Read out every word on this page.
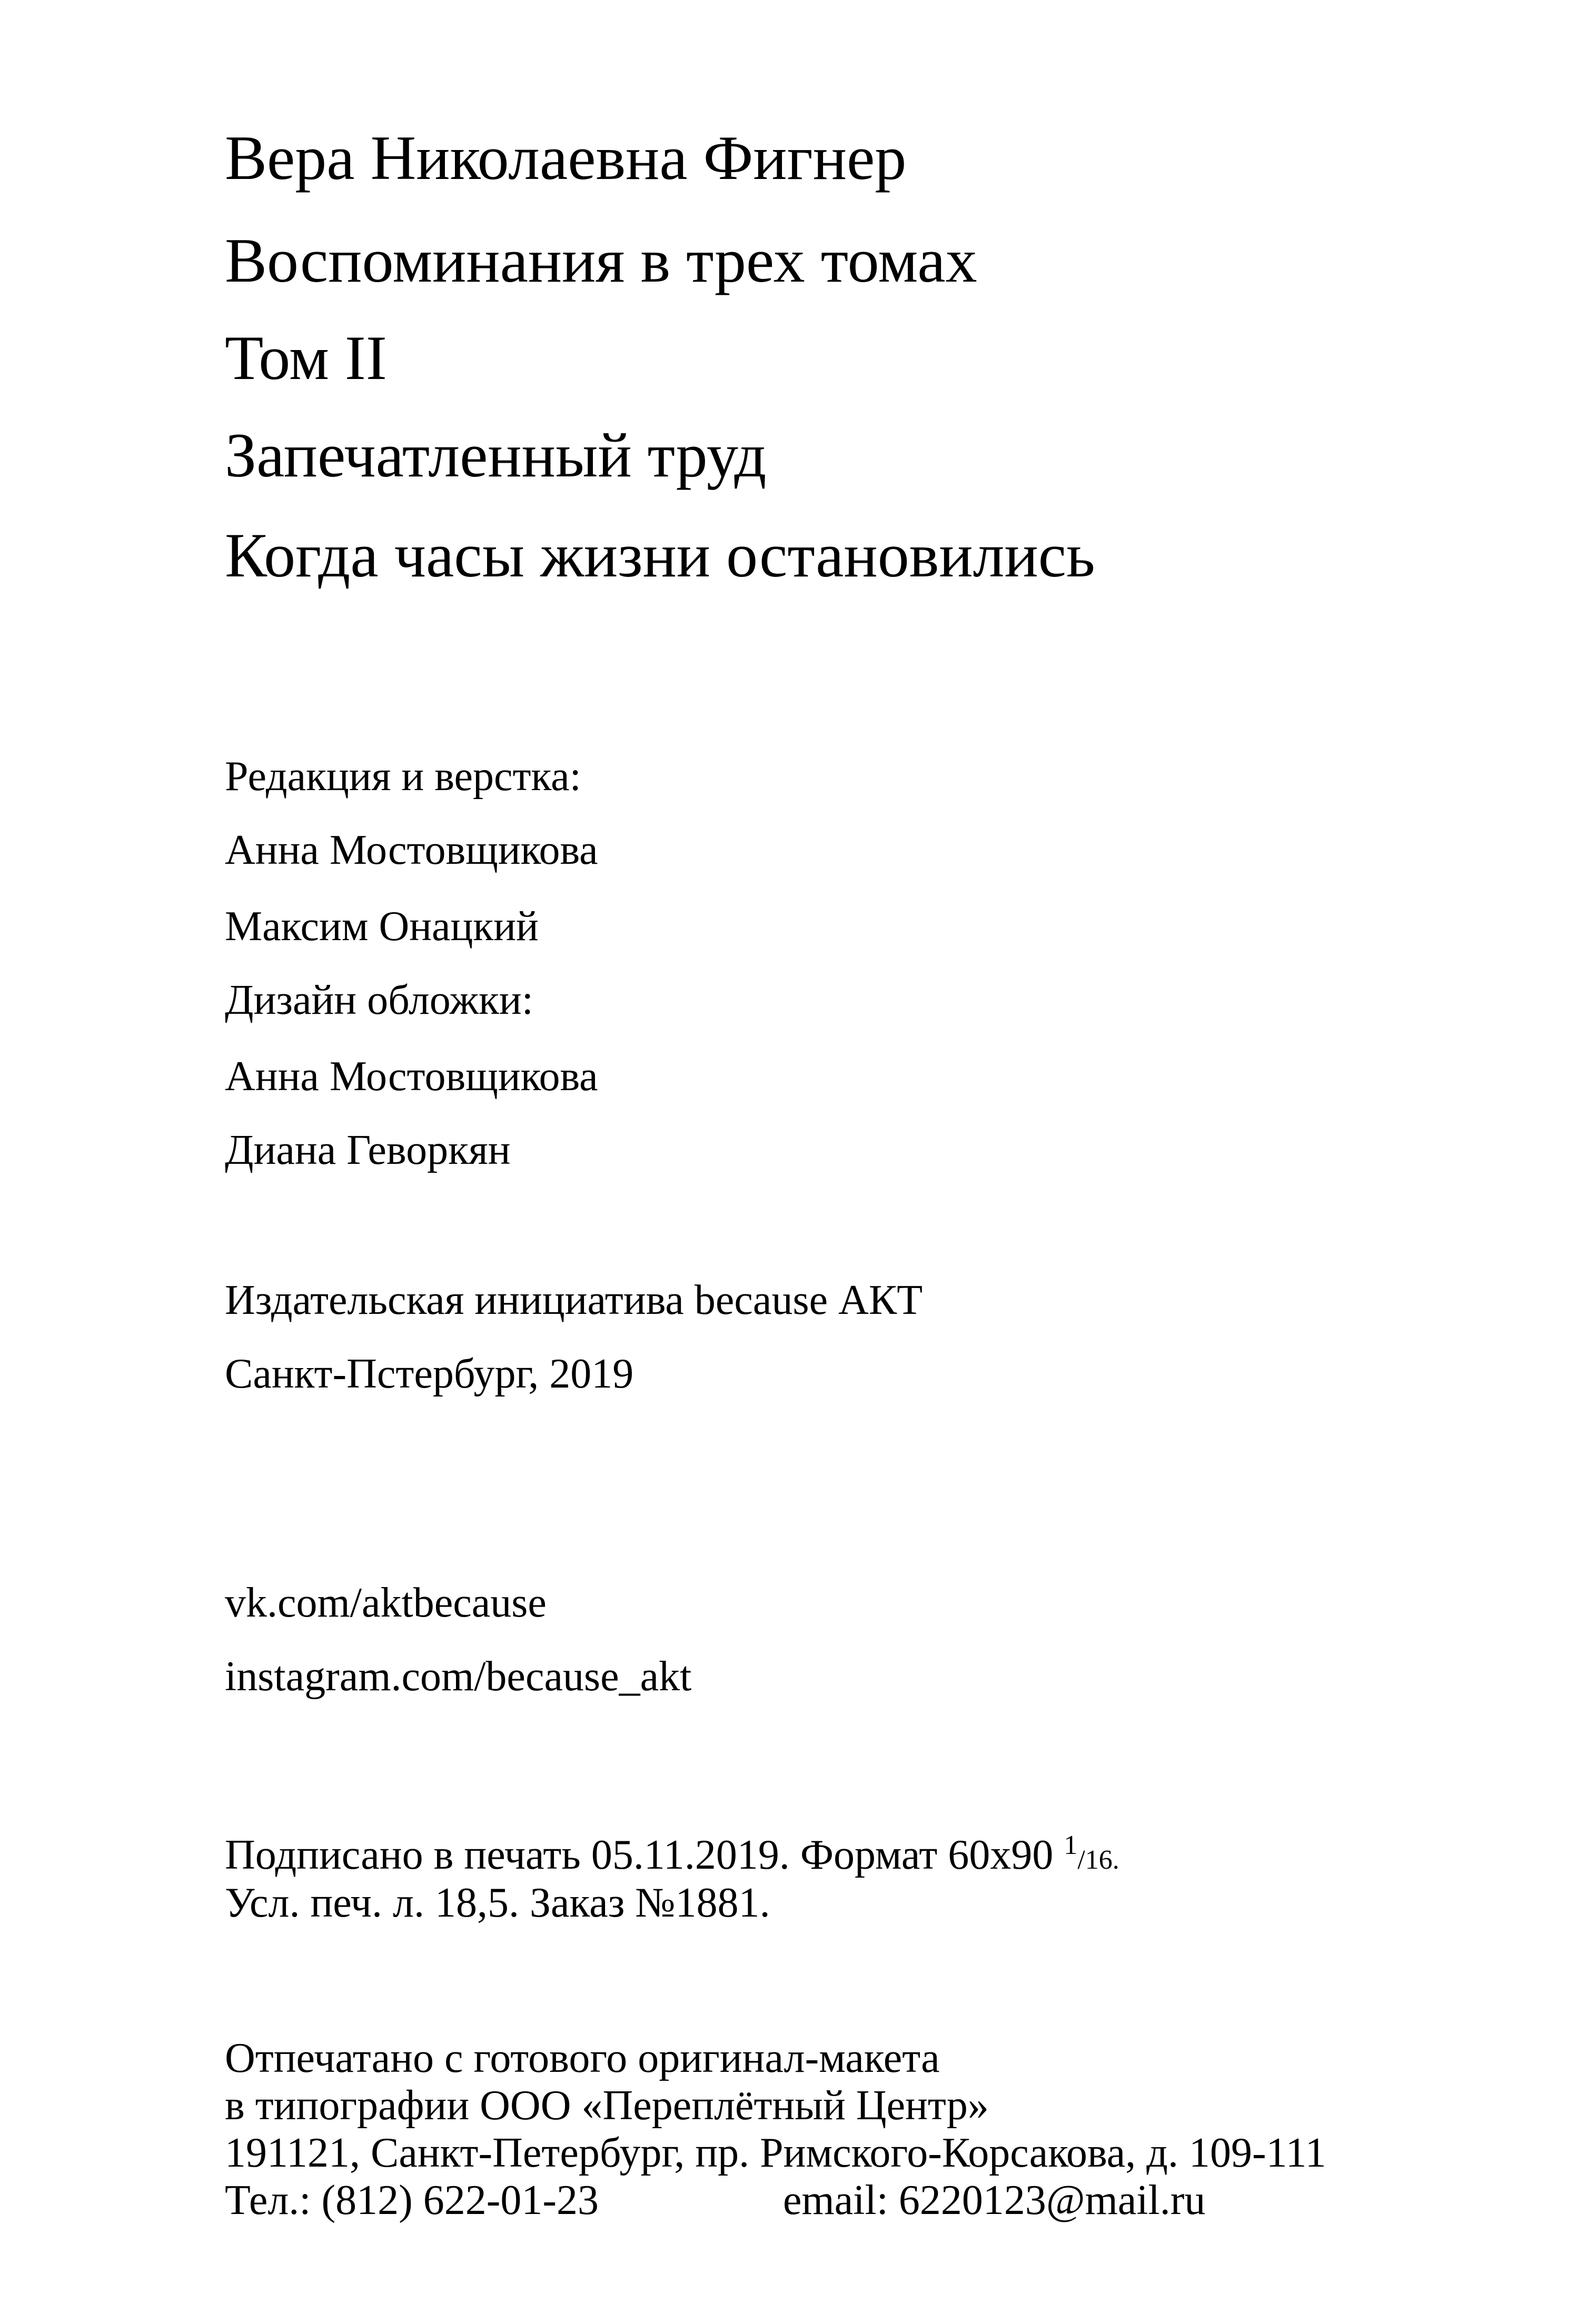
Вера Николаевна Фигнер
Воспоминания в трех томах
Том II
Запечатленный труд
Когда часы жизни остановились
Редакция и верстка:
Анна Мостовщикова
Максим Онацкий
Дизайн обложки:
Анна Мостовщикова
Диана Геворкян
Издательская инициатива because АКТ
Санкт-Пстербург, 2019
vk.com/aktbecause
instagram.com/because_akt
Подписано в печать 05.11.2019. Формат 60х90 $^1$/16.
Усл. печ. л. 18,5. Заказ №1881.
Отпечатано с готового оригинал-макета
в типографии ООО «Переплётный Центр»
191121, Санкт-Петербург, пр. Римского-Корсакова, д. 109-111
Тел.: (812) 622-01-23	email: 6220123@mail.ru
